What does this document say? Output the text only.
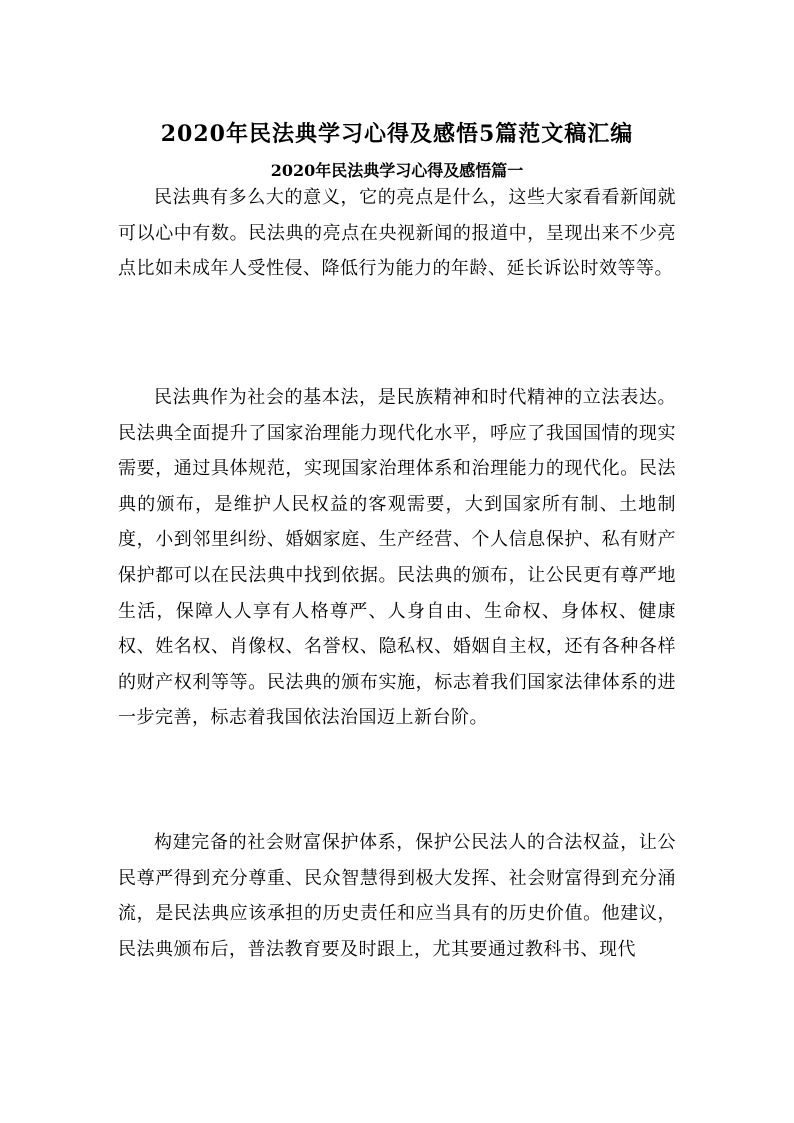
2020年民法典学习心得及感悟5篇范文稿汇编
2020年民法典学习心得及感悟篇一

民法典有多么大的意义，它的亮点是什么，这些大家看看新闻就可以心中有数。民法典的亮点在央视新闻的报道中，呈现出来不少亮点比如未成年人受性侵、降低行为能力的年龄、延长诉讼时效等等。

民法典作为社会的基本法，是民族精神和时代精神的立法表达。民法典全面提升了国家治理能力现代化水平，呼应了我国国情的现实需要，通过具体规范，实现国家治理体系和治理能力的现代化。民法典的颁布，是维护人民权益的客观需要，大到国家所有制、土地制度，小到邻里纠纷、婚姻家庭、生产经营、个人信息保护、私有财产保护都可以在民法典中找到依据。民法典的颁布，让公民更有尊严地生活，保障人人享有人格尊严、人身自由、生命权、身体权、健康权、姓名权、肖像权、名誉权、隐私权、婚姻自主权，还有各种各样的财产权利等等。民法典的颁布实施，标志着我们国家法律体系的进一步完善，标志着我国依法治国迈上新台阶。

构建完备的社会财富保护体系，保护公民法人的合法权益，让公民尊严得到充分尊重、民众智慧得到极大发挥、社会财富得到充分涌流，是民法典应该承担的历史责任和应当具有的历史价值。他建议，民法典颁布后，普法教育要及时跟上，尤其要通过教科书、现代
